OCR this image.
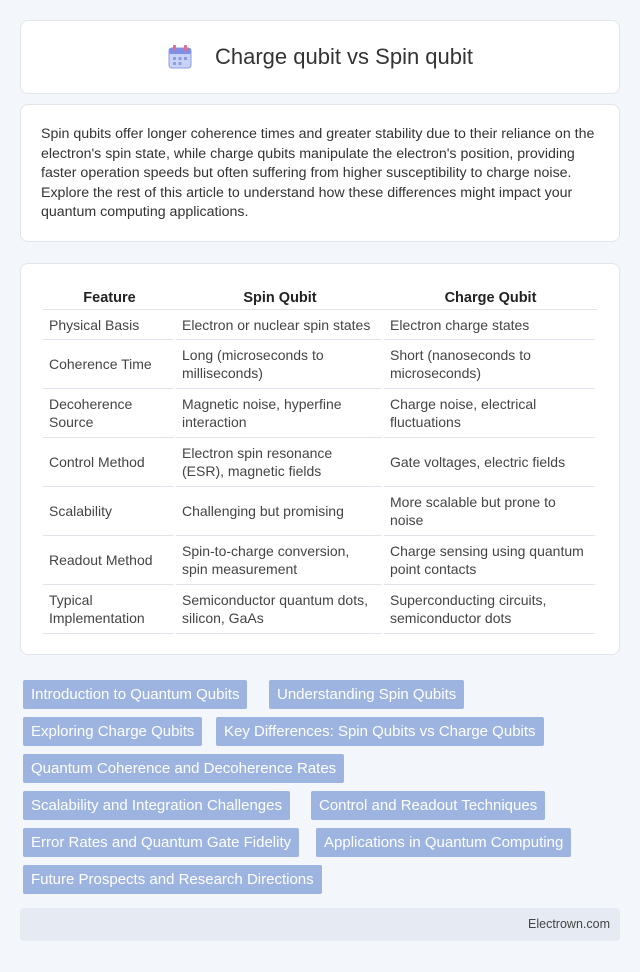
Charge qubit vs Spin qubit

Spin qubits offer longer coherence times and greater stability due to their reliance on the electron's spin state, while charge qubits manipulate the electron's position, providing faster operation speeds but often suffering from higher susceptibility to charge noise. Explore the rest of this article to understand how these differences might impact your quantum computing applications.

Feature	Spin Qubit	Charge Qubit
Physical Basis	Electron or nuclear spin states	Electron charge states
Coherence Time	Long (microseconds to milliseconds)	Short (nanoseconds to microseconds)
Decoherence Source	Magnetic noise, hyperfine interaction	Charge noise, electrical fluctuations
Control Method	Electron spin resonance (ESR), magnetic fields	Gate voltages, electric fields
Scalability	Challenging but promising	More scalable but prone to noise
Readout Method	Spin-to-charge conversion, spin measurement	Charge sensing using quantum point contacts
Typical Implementation	Semiconductor quantum dots, silicon, GaAs	Superconducting circuits, semiconductor dots
Introduction to Quantum Qubits	Understanding Spin Qubits
Exploring Charge Qubits	Key Differences: Spin Qubits vs Charge Qubits
Quantum Coherence and Decoherence Rates
Scalability and Integration Challenges	Control and Readout Techniques
Error Rates and Quantum Gate Fidelity	Applications in Quantum Computing
Future Prospects and Research Directions
Electrown.com
